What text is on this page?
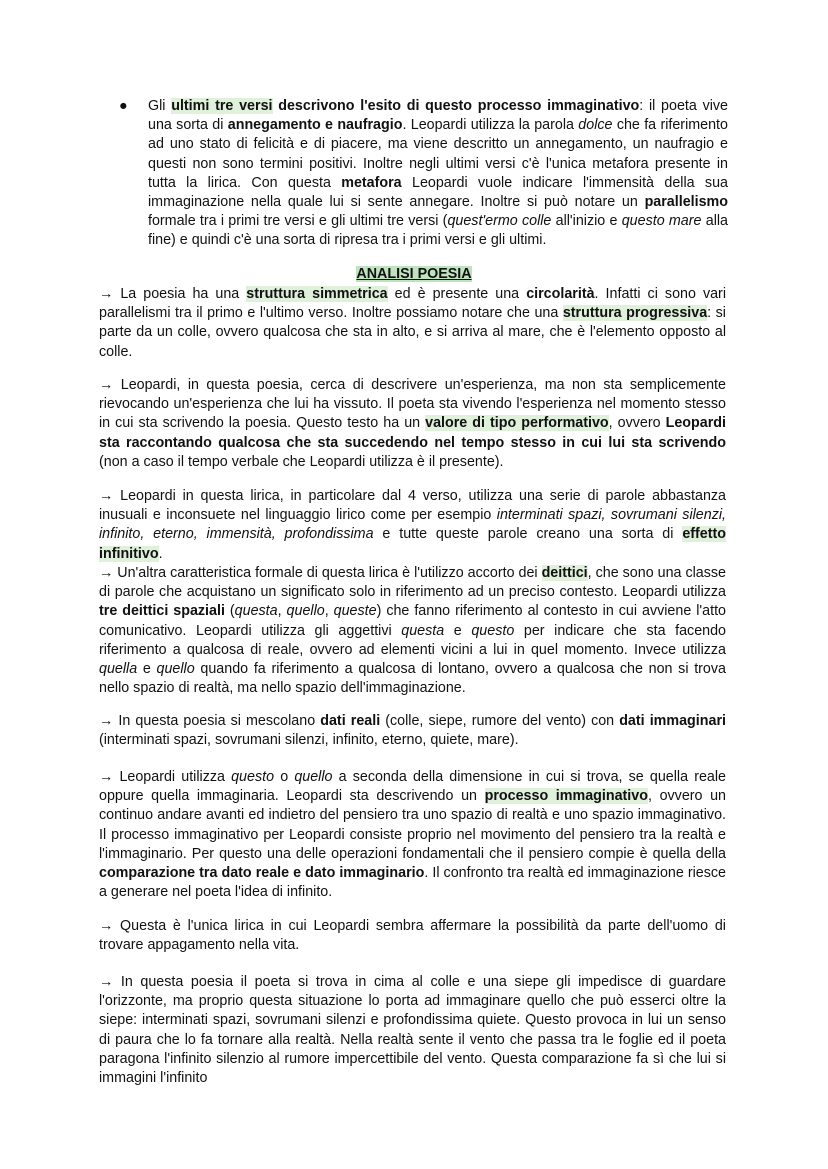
● Gli ultimi tre versi descrivono l'esito di questo processo immaginativo: il poeta vive una sorta di annegamento e naufragio. Leopardi utilizza la parola dolce che fa riferimento ad uno stato di felicità e di piacere, ma viene descritto un annegamento, un naufragio e questi non sono termini positivi. Inoltre negli ultimi versi c'è l'unica metafora presente in tutta la lirica. Con questa metafora Leopardi vuole indicare l'immensità della sua immaginazione nella quale lui si sente annegare. Inoltre si può notare un parallelismo formale tra i primi tre versi e gli ultimi tre versi (quest'ermo colle all'inizio e questo mare alla fine) e quindi c'è una sorta di ripresa tra i primi versi e gli ultimi.

ANALISI POESIA

→ La poesia ha una struttura simmetrica ed è presente una circolarità. Infatti ci sono vari parallelismi tra il primo e l'ultimo verso. Inoltre possiamo notare che una struttura progressiva: si parte da un colle, ovvero qualcosa che sta in alto, e si arriva al mare, che è l'elemento opposto al colle.

→ Leopardi, in questa poesia, cerca di descrivere un'esperienza, ma non sta semplicemente rievocando un'esperienza che lui ha vissuto. Il poeta sta vivendo l'esperienza nel momento stesso in cui sta scrivendo la poesia. Questo testo ha un valore di tipo performativo, ovvero Leopardi sta raccontando qualcosa che sta succedendo nel tempo stesso in cui lui sta scrivendo (non a caso il tempo verbale che Leopardi utilizza è il presente).

→ Leopardi in questa lirica, in particolare dal 4 verso, utilizza una serie di parole abbastanza inusuali e inconsuete nel linguaggio lirico come per esempio interminati spazi, sovrumani silenzi, infinito, eterno, immensità, profondissima e tutte queste parole creano una sorta di effetto infinitivo.

→ Un'altra caratteristica formale di questa lirica è l'utilizzo accorto dei deittici, che sono una classe di parole che acquistano un significato solo in riferimento ad un preciso contesto. Leopardi utilizza tre deittici spaziali (questa, quello, queste) che fanno riferimento al contesto in cui avviene l'atto comunicativo. Leopardi utilizza gli aggettivi questa e questo per indicare che sta facendo riferimento a qualcosa di reale, ovvero ad elementi vicini a lui in quel momento. Invece utilizza quella e quello quando fa riferimento a qualcosa di lontano, ovvero a qualcosa che non si trova nello spazio di realtà, ma nello spazio dell'immaginazione.

→ In questa poesia si mescolano dati reali (colle, siepe, rumore del vento) con dati immaginari (interminati spazi, sovrumani silenzi, infinito, eterno, quiete, mare).

→ Leopardi utilizza questo o quello a seconda della dimensione in cui si trova, se quella reale oppure quella immaginaria. Leopardi sta descrivendo un processo immaginativo, ovvero un continuo andare avanti ed indietro del pensiero tra uno spazio di realtà e uno spazio immaginativo. Il processo immaginativo per Leopardi consiste proprio nel movimento del pensiero tra la realtà e l'immaginario. Per questo una delle operazioni fondamentali che il pensiero compie è quella della comparazione tra dato reale e dato immaginario. Il confronto tra realtà ed immaginazione riesce a generare nel poeta l'idea di infinito.

→ Questa è l'unica lirica in cui Leopardi sembra affermare la possibilità da parte dell'uomo di trovare appagamento nella vita.

→ In questa poesia il poeta si trova in cima al colle e una siepe gli impedisce di guardare l'orizzonte, ma proprio questa situazione lo porta ad immaginare quello che può esserci oltre la siepe: interminati spazi, sovrumani silenzi e profondissima quiete. Questo provoca in lui un senso di paura che lo fa tornare alla realtà. Nella realtà sente il vento che passa tra le foglie ed il poeta paragona l'infinito silenzio al rumore impercettibile del vento. Questa comparazione fa sì che lui si immagini l'infinito
